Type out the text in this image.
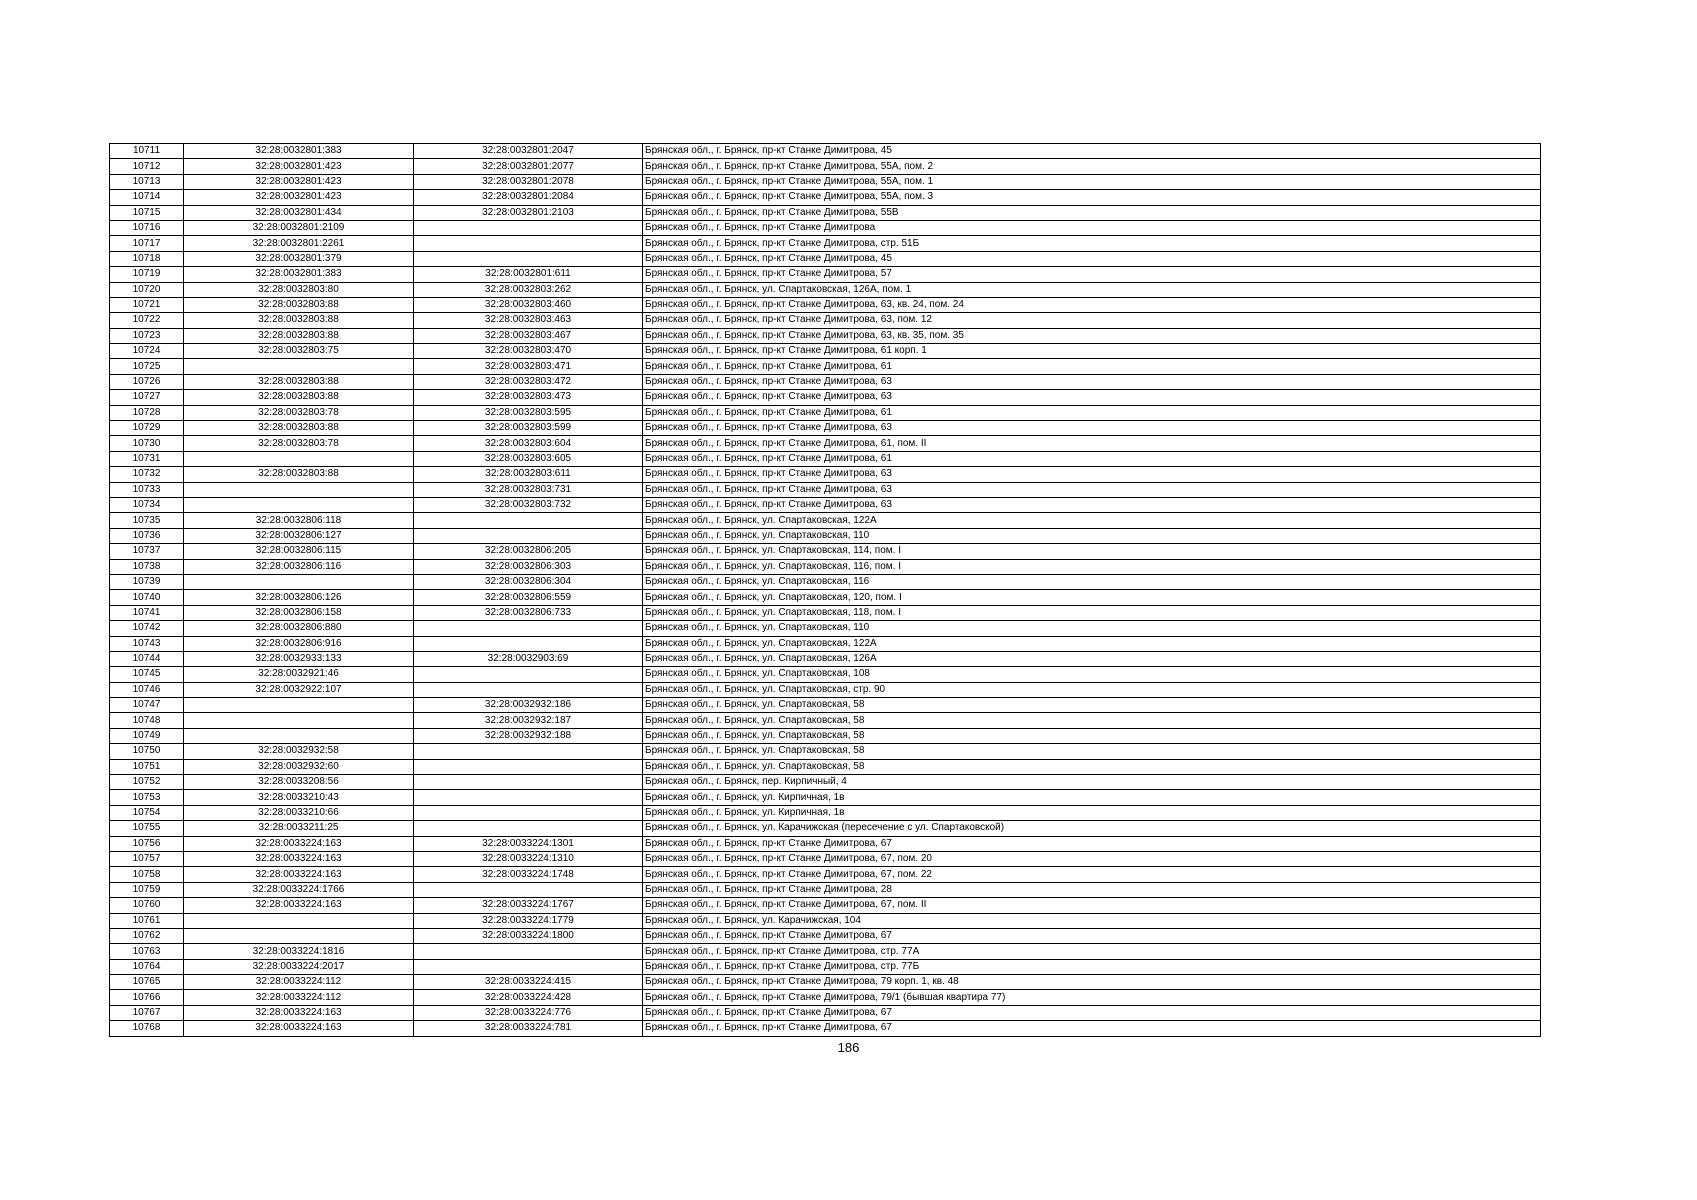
10711	32:28:0032801:383	32:28:0032801:2047	Брянская обл., г. Брянск, пр-кт Станке Димитрова, 45
10712	32:28:0032801:423	32:28:0032801:2077	Брянская обл., г. Брянск, пр-кт Станке Димитрова, 55А, пом. 2
10713	32:28:0032801:423	32:28:0032801:2078	Брянская обл., г. Брянск, пр-кт Станке Димитрова, 55А, пом. 1
10714	32:28:0032801:423	32:28:0032801:2084	Брянская обл., г. Брянск, пр-кт Станке Димитрова, 55А, пом. 3
10715	32:28:0032801:434	32:28:0032801:2103	Брянская обл., г. Брянск, пр-кт Станке Димитрова, 55В
10716	32:28:0032801:2109		Брянская обл., г. Брянск, пр-кт Станке Димитрова
10717	32:28:0032801:2261		Брянская обл., г. Брянск, пр-кт Станке Димитрова, стр. 51Б
10718	32:28:0032801:379		Брянская обл., г. Брянск, пр-кт Станке Димитрова, 45
10719	32:28:0032801:383	32:28:0032801:611	Брянская обл., г. Брянск, пр-кт Станке Димитрова, 57
10720	32:28:0032803:80	32:28:0032803:262	Брянская обл., г. Брянск, ул. Спартаковская, 126А, пом. 1
10721	32:28:0032803:88	32:28:0032803:460	Брянская обл., г. Брянск, пр-кт Станке Димитрова, 63, кв. 24, пом. 24
10722	32:28:0032803:88	32:28:0032803:463	Брянская обл., г. Брянск, пр-кт Станке Димитрова, 63, пом. 12
10723	32:28:0032803:88	32:28:0032803:467	Брянская обл., г. Брянск, пр-кт Станке Димитрова, 63, кв. 35, пом. 35
10724	32:28:0032803:75	32:28:0032803:470	Брянская обл., г. Брянск, пр-кт Станке Димитрова, 61 корп. 1
10725		32:28:0032803:471	Брянская обл., г. Брянск, пр-кт Станке Димитрова, 61
10726	32:28:0032803:88	32:28:0032803:472	Брянская обл., г. Брянск, пр-кт Станке Димитрова, 63
10727	32:28:0032803:88	32:28:0032803:473	Брянская обл., г. Брянск, пр-кт Станке Димитрова, 63
10728	32:28:0032803:78	32:28:0032803:595	Брянская обл., г. Брянск, пр-кт Станке Димитрова, 61
10729	32:28:0032803:88	32:28:0032803:599	Брянская обл., г. Брянск, пр-кт Станке Димитрова, 63
10730	32:28:0032803:78	32:28:0032803:604	Брянская обл., г. Брянск, пр-кт Станке Димитрова, 61, пом. II
10731		32:28:0032803:605	Брянская обл., г. Брянск, пр-кт Станке Димитрова, 61
10732	32:28:0032803:88	32:28:0032803:611	Брянская обл., г. Брянск, пр-кт Станке Димитрова, 63
10733		32:28:0032803:731	Брянская обл., г. Брянск, пр-кт Станке Димитрова, 63
10734		32:28:0032803:732	Брянская обл., г. Брянск, пр-кт Станке Димитрова, 63
10735	32:28:0032806:118		Брянская обл., г. Брянск, ул. Спартаковская, 122А
10736	32:28:0032806:127		Брянская обл., г. Брянск, ул. Спартаковская, 110
10737	32:28:0032806:115	32:28:0032806:205	Брянская обл., г. Брянск, ул. Спартаковская, 114, пом. I
10738	32:28:0032806:116	32:28:0032806:303	Брянская обл., г. Брянск, ул. Спартаковская, 116, пом. I
10739		32:28:0032806:304	Брянская обл., г. Брянск, ул. Спартаковская, 116
10740	32:28:0032806:126	32:28:0032806:559	Брянская обл., г. Брянск, ул. Спартаковская, 120, пом. I
10741	32:28:0032806:158	32:28:0032806:733	Брянская обл., г. Брянск, ул. Спартаковская, 118, пом. I
10742	32:28:0032806:880		Брянская обл., г. Брянск, ул. Спартаковская, 110
10743	32:28:0032806:916		Брянская обл., г. Брянск, ул. Спартаковская, 122А
10744	32:28:0032933:133	32:28:0032903:69	Брянская обл., г. Брянск, ул. Спартаковская, 126А
10745	32:28:0032921:46		Брянская обл., г. Брянск, ул. Спартаковская, 108
10746	32:28:0032922:107		Брянская обл., г. Брянск, ул. Спартаковская, стр. 90
10747		32:28:0032932:186	Брянская обл., г. Брянск, ул. Спартаковская, 58
10748		32:28:0032932:187	Брянская обл., г. Брянск, ул. Спартаковская, 58
10749		32:28:0032932:188	Брянская обл., г. Брянск, ул. Спартаковская, 58
10750	32:28:0032932:58		Брянская обл., г. Брянск, ул. Спартаковская, 58
10751	32:28:0032932:60		Брянская обл., г. Брянск, ул. Спартаковская, 58
10752	32:28:0033208:56		Брянская обл., г. Брянск, пер. Кирпичный, 4
10753	32:28:0033210:43		Брянская обл., г. Брянск, ул. Кирпичная, 1в
10754	32:28:0033210:66		Брянская обл., г. Брянск, ул. Кирпичная, 1в
10755	32:28:0033211:25		Брянская обл., г. Брянск, ул. Карачижская (пересечение с ул. Спартаковской)
10756	32:28:0033224:163	32:28:0033224:1301	Брянская обл., г. Брянск, пр-кт Станке Димитрова, 67
10757	32:28:0033224:163	32:28:0033224:1310	Брянская обл., г. Брянск, пр-кт Станке Димитрова, 67, пом. 20
10758	32:28:0033224:163	32:28:0033224:1748	Брянская обл., г. Брянск, пр-кт Станке Димитрова, 67, пом. 22
10759	32:28:0033224:1766		Брянская обл., г. Брянск, пр-кт Станке Димитрова, 28
10760	32:28:0033224:163	32:28:0033224:1767	Брянская обл., г. Брянск, пр-кт Станке Димитрова, 67, пом. II
10761		32:28:0033224:1779	Брянская обл., г. Брянск, ул. Карачижская, 104
10762		32:28:0033224:1800	Брянская обл., г. Брянск, пр-кт Станке Димитрова, 67
10763	32:28:0033224:1816		Брянская обл., г. Брянск, пр-кт Станке Димитрова, стр. 77А
10764	32:28:0033224:2017		Брянская обл., г. Брянск, пр-кт Станке Димитрова, стр. 77Б
10765	32:28:0033224:112	32:28:0033224:415	Брянская обл., г. Брянск, пр-кт Станке Димитрова, 79 корп. 1, кв. 48
10766	32:28:0033224:112	32:28:0033224:428	Брянская обл., г. Брянск, пр-кт Станке Димитрова, 79/1 (бывшая квартира 77)
10767	32:28:0033224:163	32:28:0033224:776	Брянская обл., г. Брянск, пр-кт Станке Димитрова, 67
10768	32:28:0033224:163	32:28:0033224:781	Брянская обл., г. Брянск, пр-кт Станке Димитрова, 67
186
